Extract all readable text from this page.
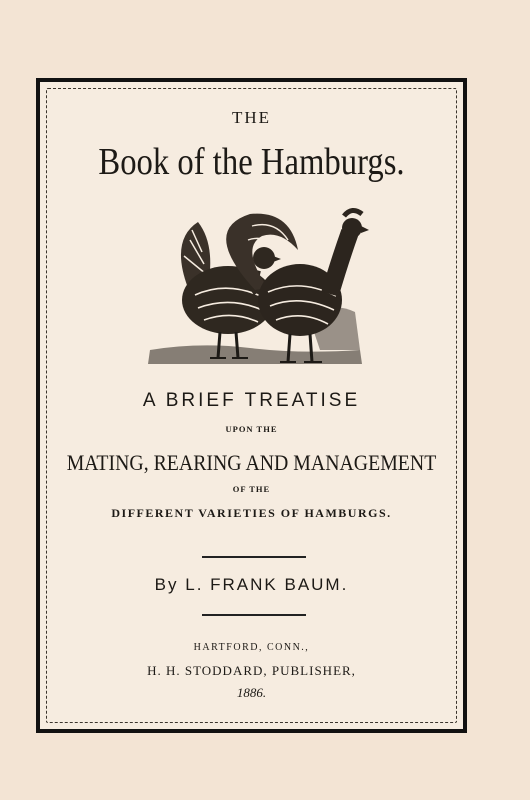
THE
Book of the Hamburgs.
A BRIEF TREATISE
UPON THE
MATING, REARING AND MANAGEMENT
OF THE
DIFFERENT VARIETIES OF HAMBURGS.
By L. FRANK BAUM.
HARTFORD, CONN.,
H. H. STODDARD, PUBLISHER,
1886.
